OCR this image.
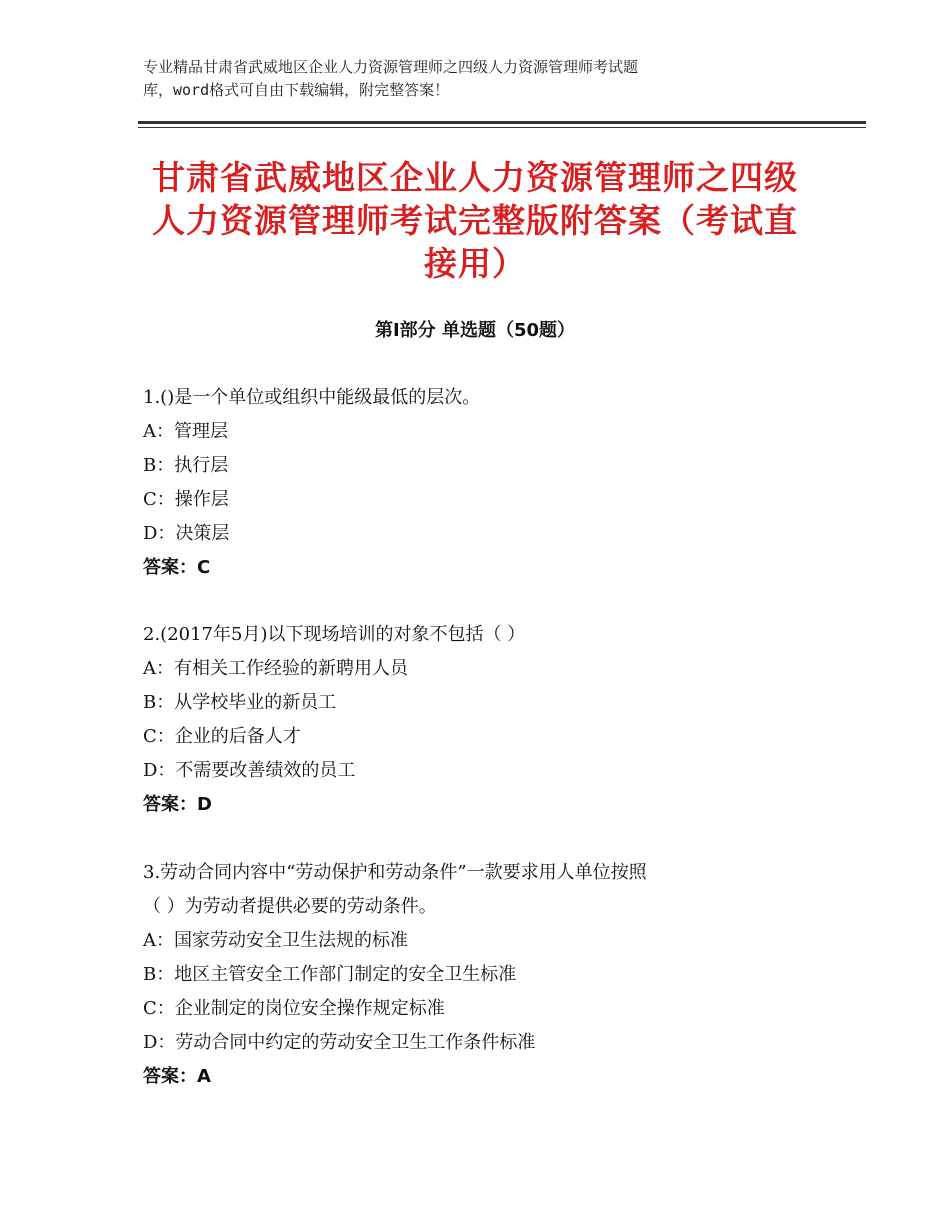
专业精品甘肃省武威地区企业人力资源管理师之四级人力资源管理师考试题
库，word格式可自由下载编辑，附完整答案！
甘肃省武威地区企业人力资源管理师之四级
人力资源管理师考试完整版附答案（考试直
接用）
第Ⅰ部分 单选题（50题）
1.()是一个单位或组织中能级最低的层次。
A：管理层
B：执行层
C：操作层
D：决策层
答案：C
2.(2017年5月)以下现场培训的对象不包括（ ）
A：有相关工作经验的新聘用人员
B：从学校毕业的新员工
C：企业的后备人才
D：不需要改善绩效的员工
答案：D
3.劳动合同内容中“劳动保护和劳动条件”一款要求用人单位按照
（ ）为劳动者提供必要的劳动条件。
A：国家劳动安全卫生法规的标准
B：地区主管安全工作部门制定的安全卫生标准
C：企业制定的岗位安全操作规定标准
D：劳动合同中约定的劳动安全卫生工作条件标准
答案：A
